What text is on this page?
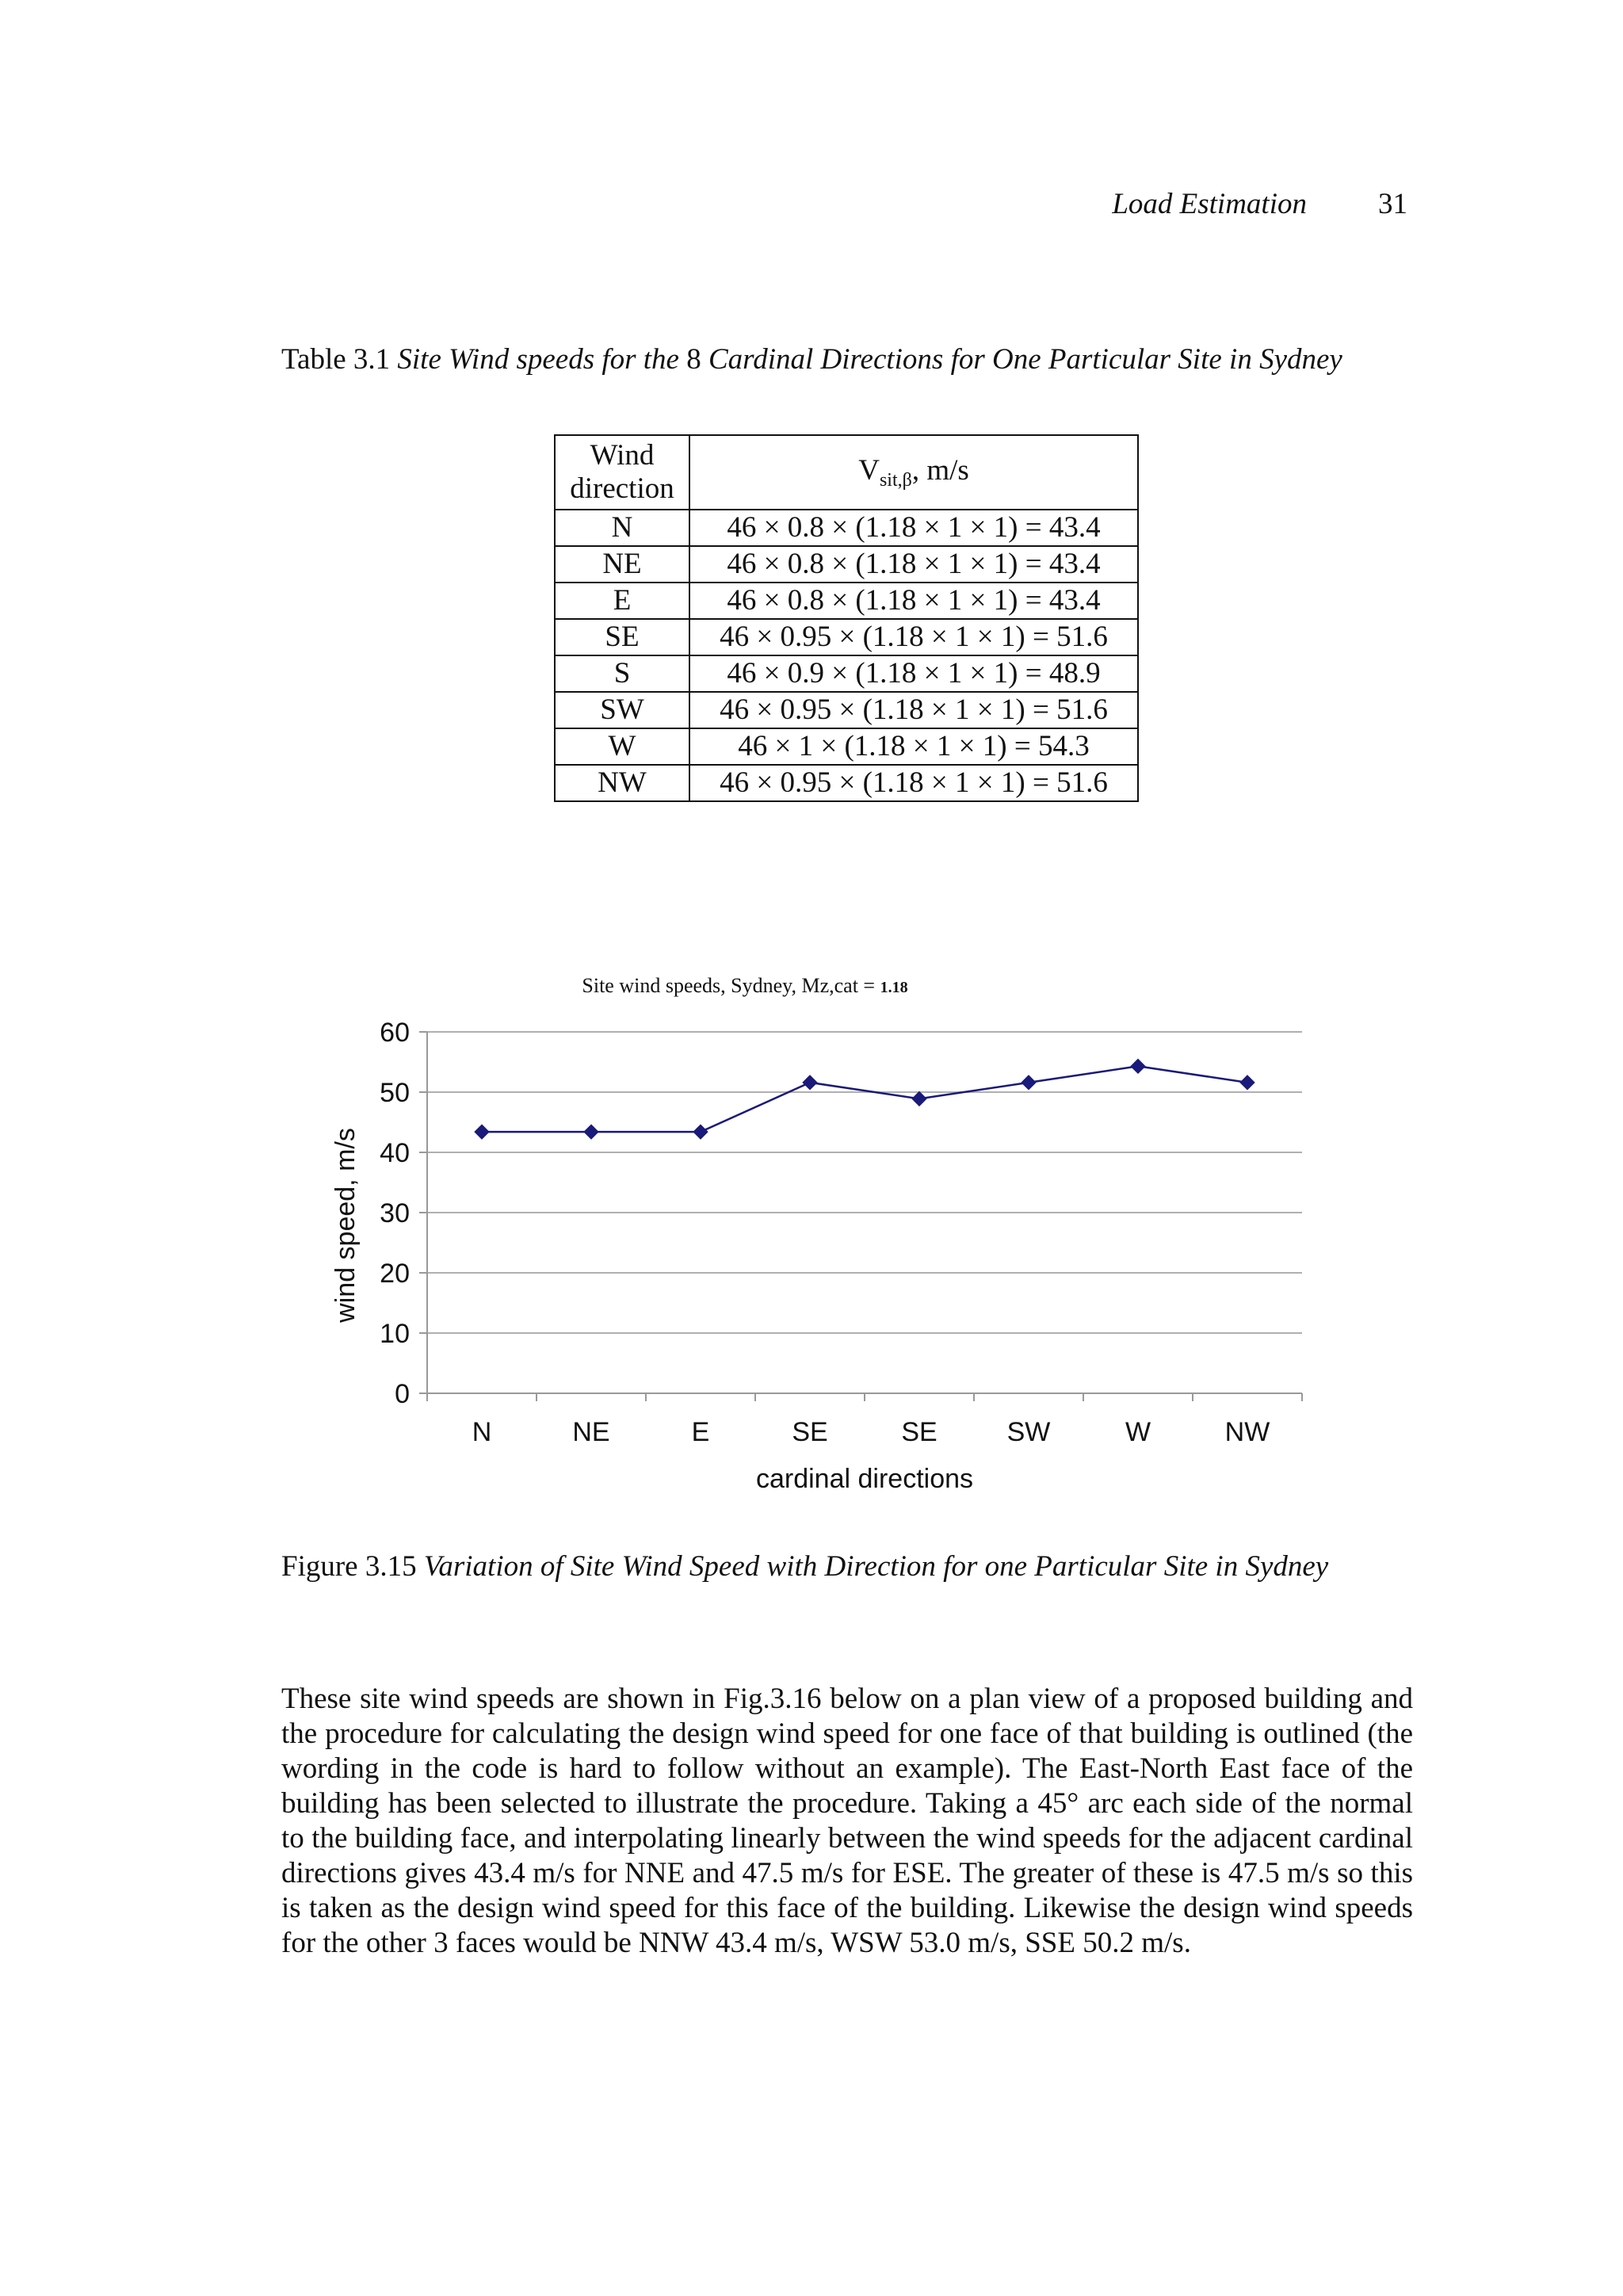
Load Estimation 31
Table 3.1 Site Wind speeds for the 8 Cardinal Directions for One Particular Site in Sydney
Wind
direction	$V_{sit,\beta}$, m/s
N	46 × 0.8 × (1.18 × 1 × 1) = 43.4
NE	46 × 0.8 × (1.18 × 1 × 1) = 43.4
E	46 × 0.8 × (1.18 × 1 × 1) = 43.4
SE	46 × 0.95 × (1.18 × 1 × 1) = 51.6
S	46 × 0.9 × (1.18 × 1 × 1) = 48.9
SW	46 × 0.95 × (1.18 × 1 × 1) = 51.6
W	46 × 1 × (1.18 × 1 × 1) = 54.3
NW	46 × 0.95 × (1.18 × 1 × 1) = 51.6
Site wind speeds, Sydney, Mz,cat = 1.18
0
10
20
30
40
50
60
N	NE	E	SE	SE	SW	W	NW
wind speed, m/s
cardinal directions
Figure 3.15 Variation of Site Wind Speed with Direction for one Particular Site in Sydney

These site wind speeds are shown in Fig.3.16 below on a plan view of a proposed building and the procedure for calculating the design wind speed for one face of that building is outlined (the wording in the code is hard to follow without an example). The East-North East face of the building has been selected to illustrate the procedure. Taking a 45° arc each side of the normal to the building face, and interpolating linearly between the wind speeds for the adjacent cardinal directions gives 43.4 m/s for NNE and 47.5 m/s for ESE. The greater of these is 47.5 m/s so this is taken as the design wind speed for this face of the building. Likewise the design wind speeds for the other 3 faces would be NNW 43.4 m/s, WSW 53.0 m/s, SSE 50.2 m/s.
